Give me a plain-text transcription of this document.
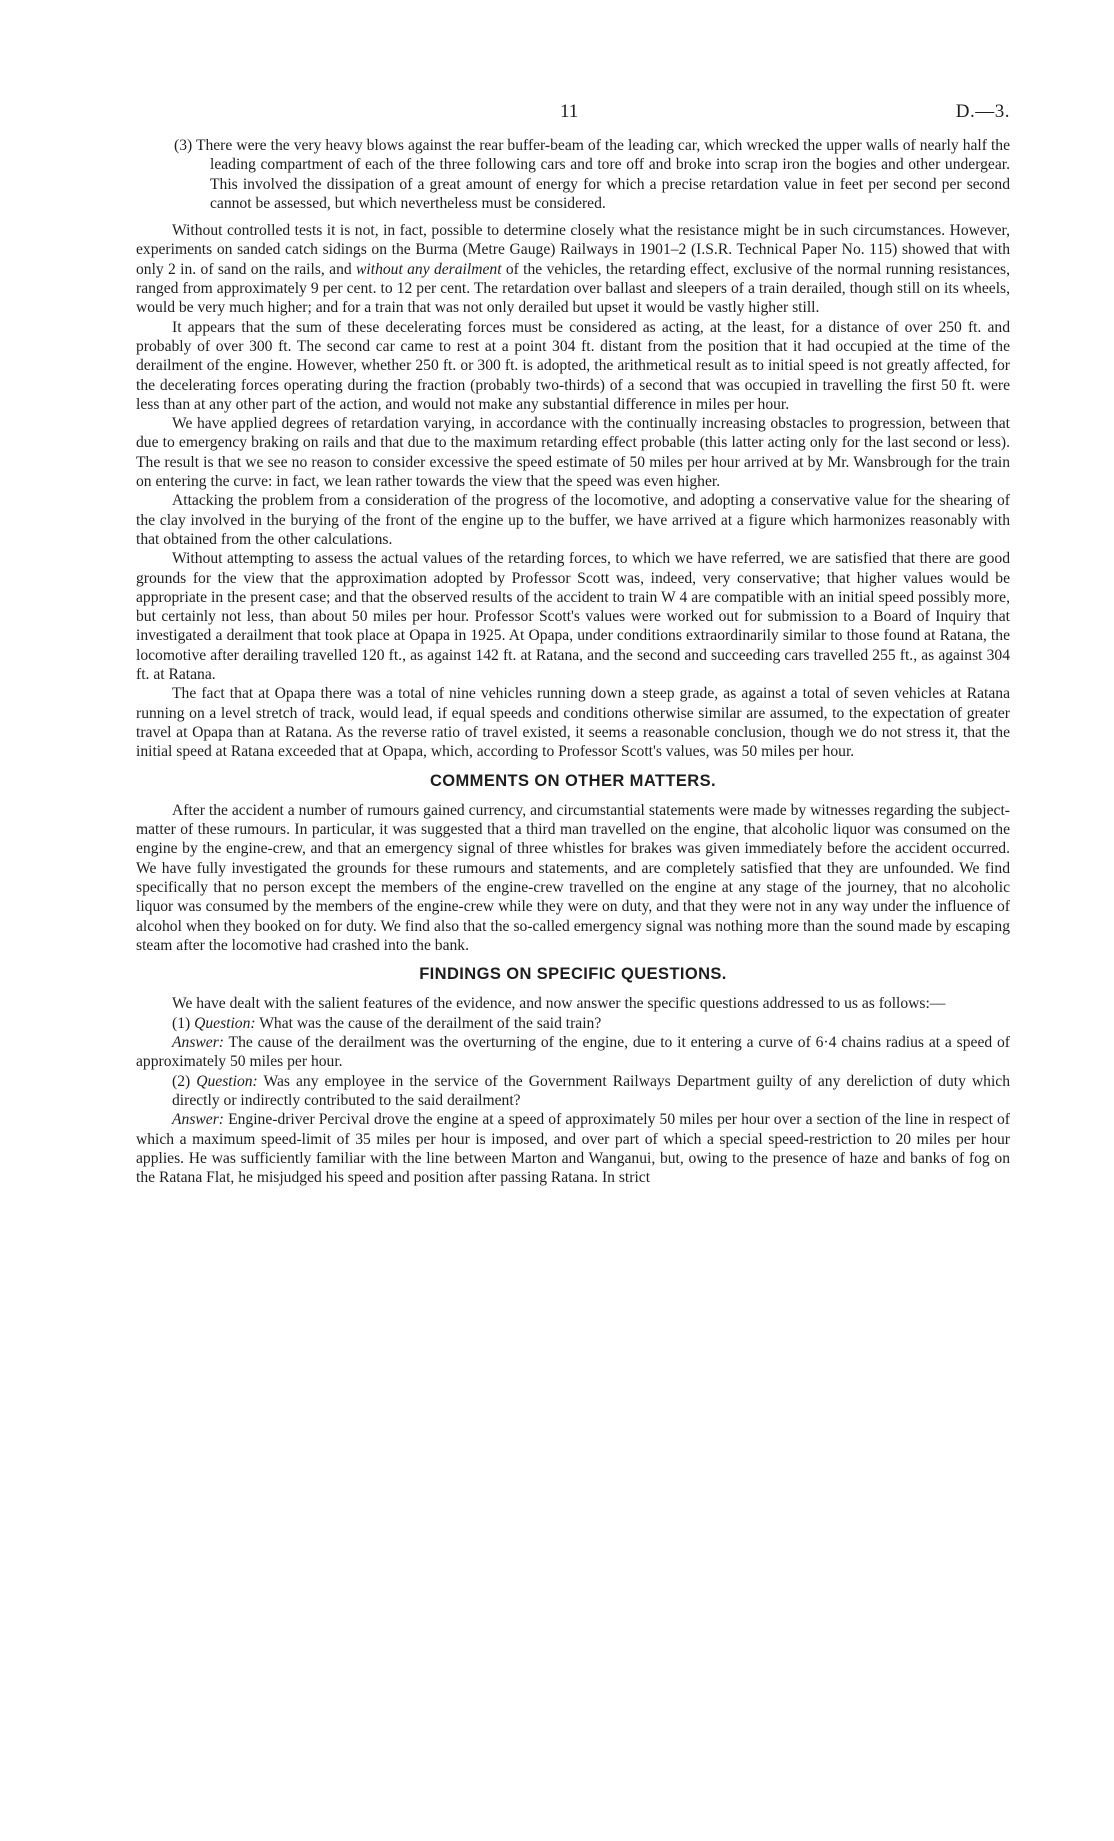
11	D.—3.

(3) There were the very heavy blows against the rear buffer-beam of the leading car, which wrecked the upper walls of nearly half the leading compartment of each of the three following cars and tore off and broke into scrap iron the bogies and other undergear. This involved the dissipation of a great amount of energy for which a precise retardation value in feet per second per second cannot be assessed, but which nevertheless must be considered.

Without controlled tests it is not, in fact, possible to determine closely what the resistance might be in such circumstances. However, experiments on sanded catch sidings on the Burma (Metre Gauge) Railways in 1901–2 (I.S.R. Technical Paper No. 115) showed that with only 2 in. of sand on the rails, and without any derailment of the vehicles, the retarding effect, exclusive of the normal running resistances, ranged from approximately 9 per cent. to 12 per cent. The retardation over ballast and sleepers of a train derailed, though still on its wheels, would be very much higher; and for a train that was not only derailed but upset it would be vastly higher still.

It appears that the sum of these decelerating forces must be considered as acting, at the least, for a distance of over 250 ft. and probably of over 300 ft. The second car came to rest at a point 304 ft. distant from the position that it had occupied at the time of the derailment of the engine. However, whether 250 ft. or 300 ft. is adopted, the arithmetical result as to initial speed is not greatly affected, for the decelerating forces operating during the fraction (probably two-thirds) of a second that was occupied in travelling the first 50 ft. were less than at any other part of the action, and would not make any substantial difference in miles per hour.

We have applied degrees of retardation varying, in accordance with the continually increasing obstacles to progression, between that due to emergency braking on rails and that due to the maximum retarding effect probable (this latter acting only for the last second or less). The result is that we see no reason to consider excessive the speed estimate of 50 miles per hour arrived at by Mr. Wansbrough for the train on entering the curve: in fact, we lean rather towards the view that the speed was even higher.

Attacking the problem from a consideration of the progress of the locomotive, and adopting a conservative value for the shearing of the clay involved in the burying of the front of the engine up to the buffer, we have arrived at a figure which harmonizes reasonably with that obtained from the other calculations.

Without attempting to assess the actual values of the retarding forces, to which we have referred, we are satisfied that there are good grounds for the view that the approximation adopted by Professor Scott was, indeed, very conservative; that higher values would be appropriate in the present case; and that the observed results of the accident to train W 4 are compatible with an initial speed possibly more, but certainly not less, than about 50 miles per hour. Professor Scott's values were worked out for submission to a Board of Inquiry that investigated a derailment that took place at Opapa in 1925. At Opapa, under conditions extraordinarily similar to those found at Ratana, the locomotive after derailing travelled 120 ft., as against 142 ft. at Ratana, and the second and succeeding cars travelled 255 ft., as against 304 ft. at Ratana.

The fact that at Opapa there was a total of nine vehicles running down a steep grade, as against a total of seven vehicles at Ratana running on a level stretch of track, would lead, if equal speeds and conditions otherwise similar are assumed, to the expectation of greater travel at Opapa than at Ratana. As the reverse ratio of travel existed, it seems a reasonable conclusion, though we do not stress it, that the initial speed at Ratana exceeded that at Opapa, which, according to Professor Scott's values, was 50 miles per hour.

COMMENTS ON OTHER MATTERS.

After the accident a number of rumours gained currency, and circumstantial statements were made by witnesses regarding the subject-matter of these rumours. In particular, it was suggested that a third man travelled on the engine, that alcoholic liquor was consumed on the engine by the engine-crew, and that an emergency signal of three whistles for brakes was given immediately before the accident occurred. We have fully investigated the grounds for these rumours and statements, and are completely satisfied that they are unfounded. We find specifically that no person except the members of the engine-crew travelled on the engine at any stage of the journey, that no alcoholic liquor was consumed by the members of the engine-crew while they were on duty, and that they were not in any way under the influence of alcohol when they booked on for duty. We find also that the so-called emergency signal was nothing more than the sound made by escaping steam after the locomotive had crashed into the bank.

FINDINGS ON SPECIFIC QUESTIONS.

We have dealt with the salient features of the evidence, and now answer the specific questions addressed to us as follows:—

(1) Question: What was the cause of the derailment of the said train?

Answer: The cause of the derailment was the overturning of the engine, due to it entering a curve of 6·4 chains radius at a speed of approximately 50 miles per hour.

(2) Question: Was any employee in the service of the Government Railways Department guilty of any dereliction of duty which directly or indirectly contributed to the said derailment?

Answer: Engine-driver Percival drove the engine at a speed of approximately 50 miles per hour over a section of the line in respect of which a maximum speed-limit of 35 miles per hour is imposed, and over part of which a special speed-restriction to 20 miles per hour applies. He was sufficiently familiar with the line between Marton and Wanganui, but, owing to the presence of haze and banks of fog on the Ratana Flat, he misjudged his speed and position after passing Ratana. In strict
